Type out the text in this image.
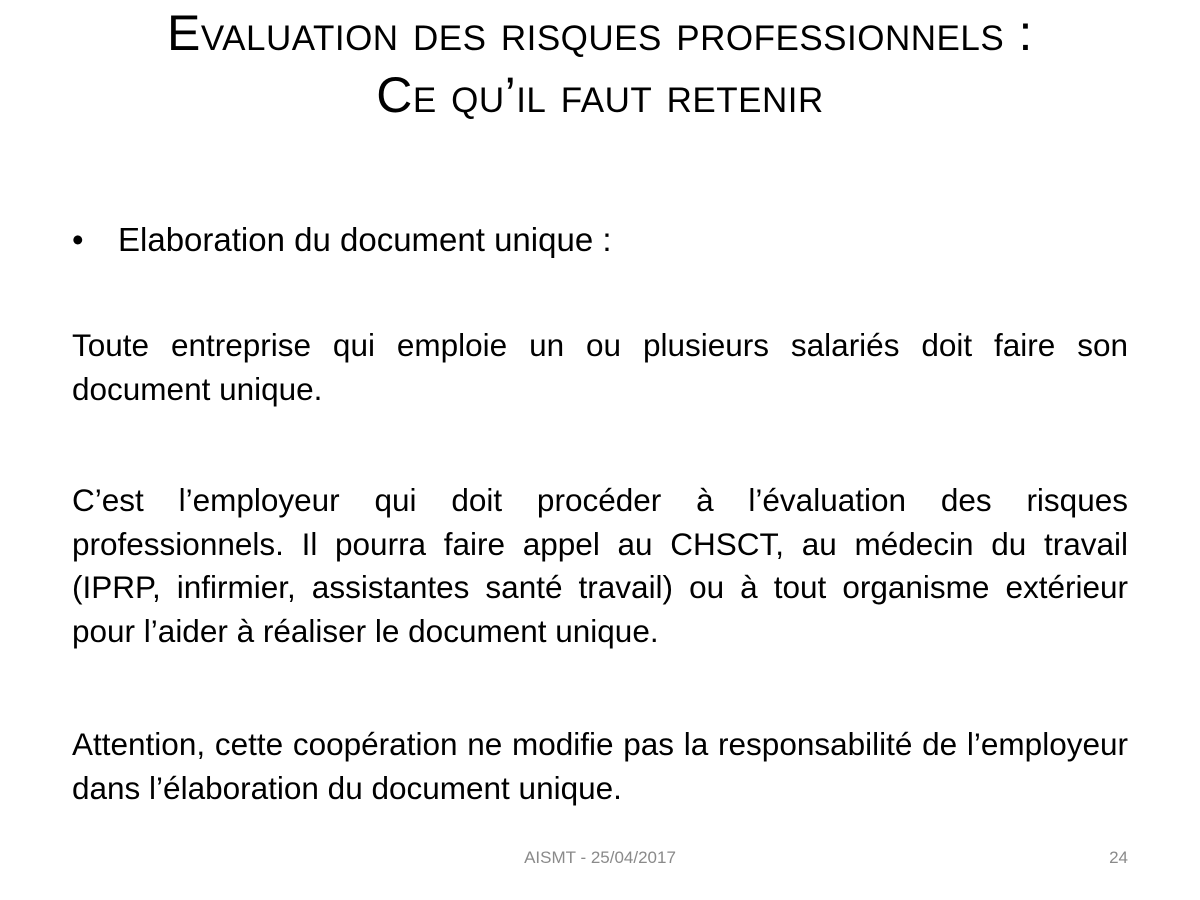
Evaluation des risques professionnels :
Ce qu’il faut retenir
•	Elaboration du document unique :
Toute entreprise qui emploie un ou plusieurs salariés doit faire son document unique.
C’est l’employeur qui doit procéder à l’évaluation des risques professionnels. Il pourra faire appel au CHSCT, au médecin du travail (IPRP, infirmier, assistantes santé travail) ou à tout organisme extérieur pour l’aider à réaliser le document unique.
Attention, cette coopération ne modifie pas la responsabilité de l’employeur dans l’élaboration du document unique.
AISMT - 25/04/2017	24
